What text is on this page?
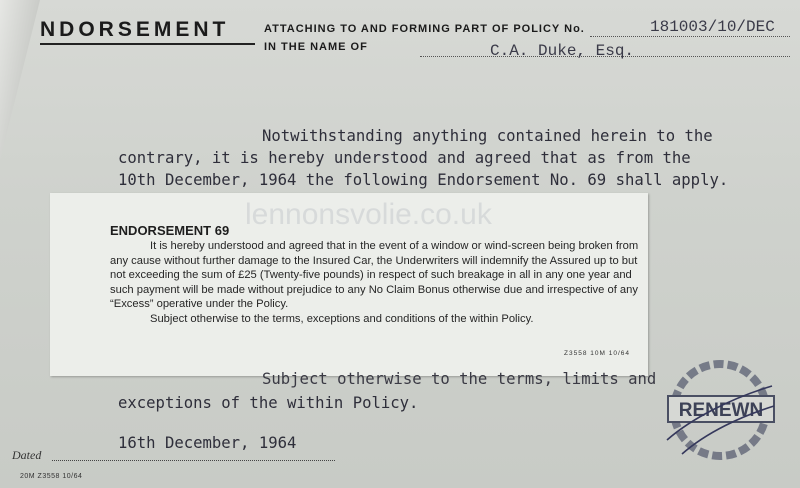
NDORSEMENT	ATTACHING TO AND FORMING PART OF POLICY No.
IN THE NAME OF
181003/10/DEC
C.A. Duke, Esq.
Notwithstanding anything contained herein to the
contrary, it is hereby understood and agreed that as from the
10th December, 1964 the following Endorsement No. 69 shall apply.
lennonsvolie.co.uk
ENDORSEMENT 69

It is hereby understood and agreed that in the event of a window or wind-screen being broken from any cause without further damage to the Insured Car, the Underwriters will indemnify the Assured up to but not exceeding the sum of £25 (Twenty-five pounds) in respect of such breakage in all in any one year and such payment will be made without prejudice to any No Claim Bonus otherwise due and irrespective of any “Excess” operative under the Policy.

Subject otherwise to the terms, exceptions and conditions of the within Policy.

Z3558 10M 10/64
Subject otherwise to the terms, limits and
exceptions of the within Policy.
Dated
16th December, 1964
20M Z3558 10/64
RENEWN
